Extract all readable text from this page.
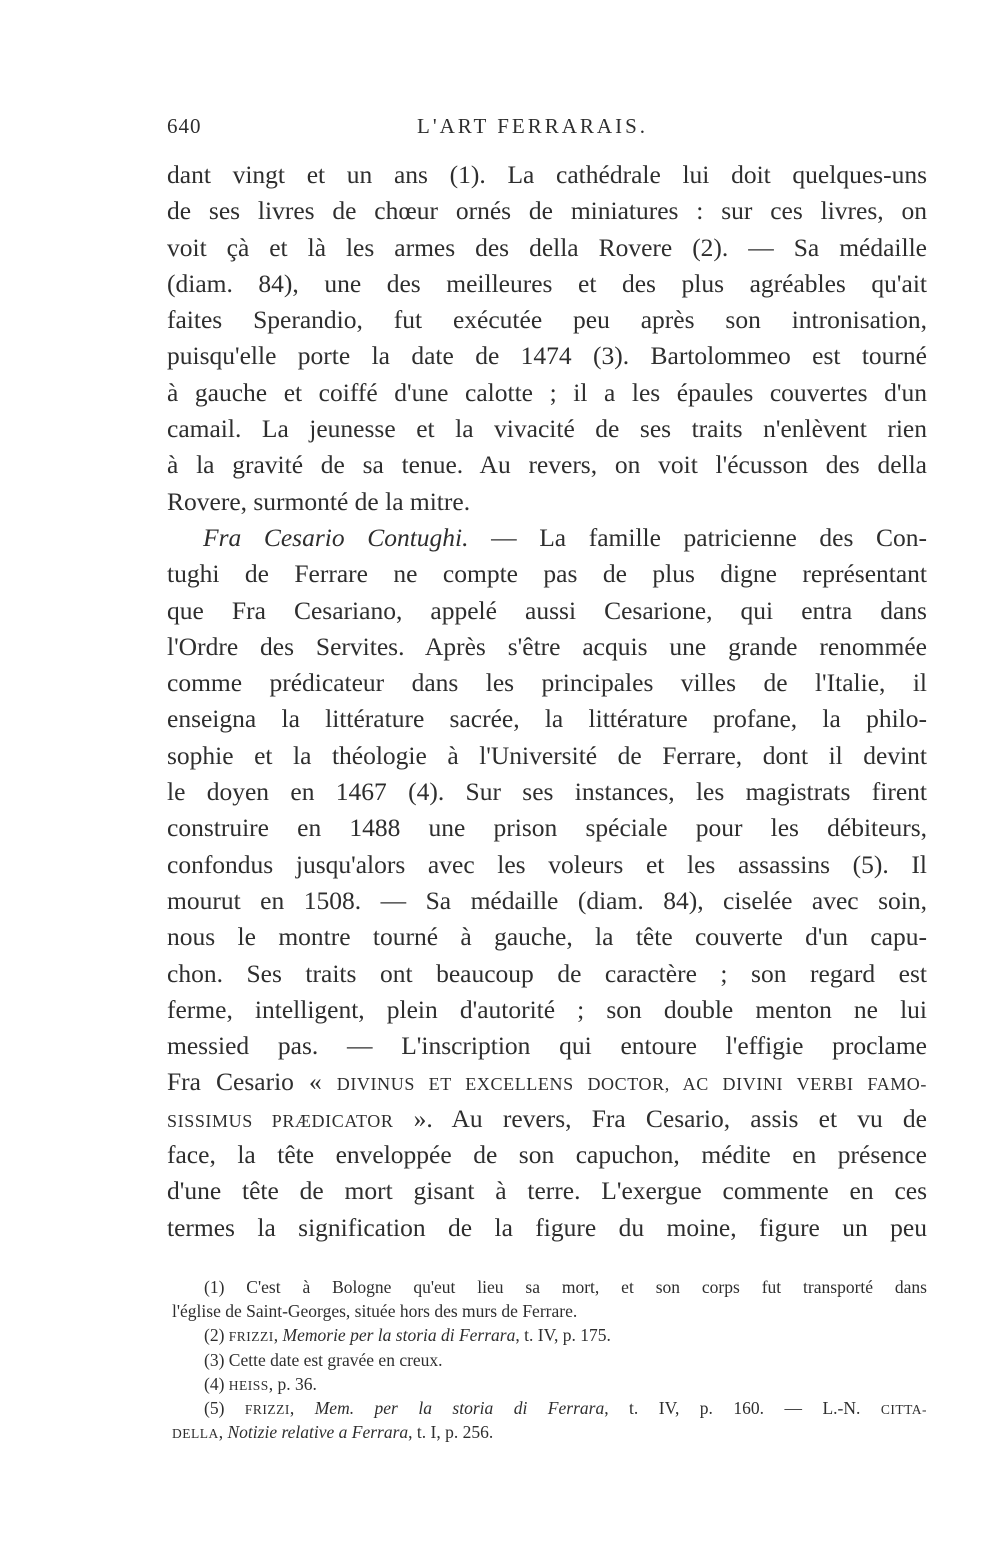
640	L'ART FERRARAIS.
dant vingt et un ans (1). La cathédrale lui doit quelques-uns
de ses livres de chœur ornés de miniatures : sur ces livres, on
voit çà et là les armes des della Rovere (2). — Sa médaille
(diam. 84), une des meilleures et des plus agréables qu'ait
faites Sperandio, fut exécutée peu après son intronisation,
puisqu'elle porte la date de 1474 (3). Bartolommeo est tourné
à gauche et coiffé d'une calotte ; il a les épaules couvertes d'un
camail. La jeunesse et la vivacité de ses traits n'enlèvent rien
à la gravité de sa tenue. Au revers, on voit l'écusson des della
Rovere, surmonté de la mitre.
Fra Cesario Contughi. — La famille patricienne des Con-
tughi de Ferrare ne compte pas de plus digne représentant
que Fra Cesariano, appelé aussi Cesarione, qui entra dans
l'Ordre des Servites. Après s'être acquis une grande renommée
comme prédicateur dans les principales villes de l'Italie, il
enseigna la littérature sacrée, la littérature profane, la philo-
sophie et la théologie à l'Université de Ferrare, dont il devint
le doyen en 1467 (4). Sur ses instances, les magistrats firent
construire en 1488 une prison spéciale pour les débiteurs,
confondus jusqu'alors avec les voleurs et les assassins (5). Il
mourut en 1508. — Sa médaille (diam. 84), ciselée avec soin,
nous le montre tourné à gauche, la tête couverte d'un capu-
chon. Ses traits ont beaucoup de caractère ; son regard est
ferme, intelligent, plein d'autorité ; son double menton ne lui
messied pas. — L'inscription qui entoure l'effigie proclame
Fra Cesario « DIVINUS ET EXCELLENS DOCTOR, AC DIVINI VERBI FAMO-
SISSIMUS PRÆDICATOR ». Au revers, Fra Cesario, assis et vu de
face, la tête enveloppée de son capuchon, médite en présence
d'une tête de mort gisant à terre. L'exergue commente en ces
termes la signification de la figure du moine, figure un peu
(1) C'est à Bologne qu'eut lieu sa mort, et son corps fut transporté dans
l'église de Saint-Georges, située hors des murs de Ferrare.
(2) FRIZZI, Memorie per la storia di Ferrara, t. IV, p. 175.
(3) Cette date est gravée en creux.
(4) HEISS, p. 36.
(5) FRIZZI, Mem. per la storia di Ferrara, t. IV, p. 160. — L.-N. CITTA-
DELLA, Notizie relative a Ferrara, t. I, p. 256.
